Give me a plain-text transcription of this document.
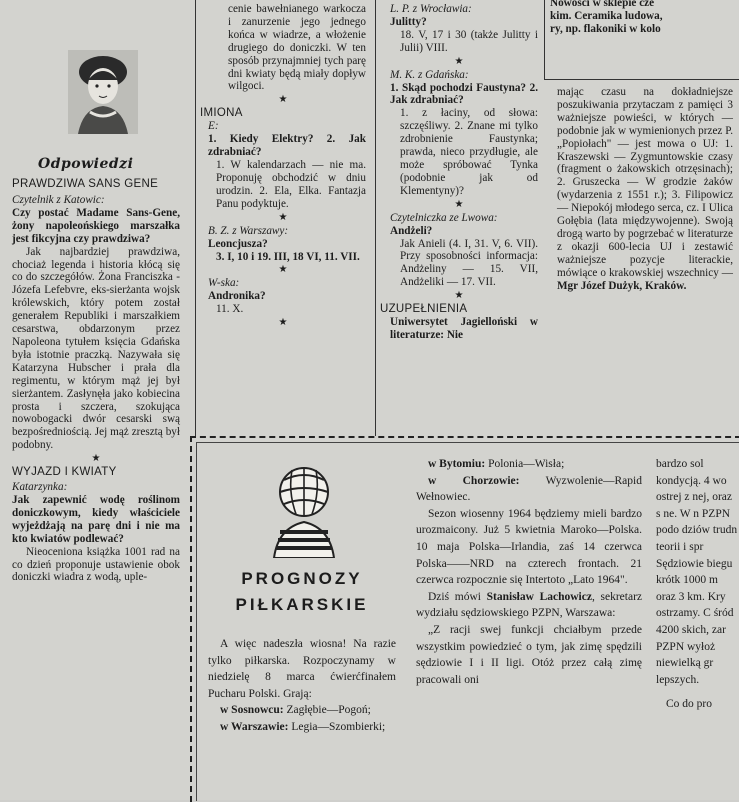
Odpowiedzi

PRAWDZIWA SANS GENE

Czytelnik z Katowic:
Czy postać Madame Sans-Gene, żony napoleońskiego marszałka jest fikcyjna czy prawdziwa?

Jak najbardziej prawdziwa, chociaż legenda i historia kłócą się co do szczegółów. Żona Franciszka - Józefa Lefebvre, eks-sierżanta wojsk królewskich, który potem został generałem Republiki i marszałkiem cesarstwa, obdarzonym przez Napoleona tytułem księcia Gdańska była istotnie praczką. Nazywała się Katarzyna Hubscher i prała dla regimentu, w którym mąż jej był sierżantem. Zasłynęła jako kobiecina prosta i szczera, szokująca nowobogacki dwór cesarski swą bezpośredniością. Jej mąż zresztą był podobny.

★

WYJAZD I KWIATY

Katarzynka:
Jak zapewnić wodę roślinom doniczkowym, kiedy właściciele wyjeżdżają na parę dni i nie ma kto kwiatów podlewać?

Nieoceniona książka 1001 rad na co dzień proponuje ustawienie obok doniczki wiadra z wodą, uple-

cenie bawełnianego warkocza i zanurzenie jego jednego końca w wiadrze, a włożenie drugiego do doniczki. W ten sposób przynajmniej tych parę dni kwiaty będą miały dopływ wilgoci.

★

IMIONA

E:
1. Kiedy Elektry? 2. Jak zdrabniać?

1. W kalendarzach — nie ma. Proponuję obchodzić w dniu urodzin. 2. Ela, Elka. Fantazja Panu podyktuje.

★

B. Z. z Warszawy:
Leoncjusza?

3. I, 10 i 19. III, 18 VI, 11. VII.

★

W-ska:
Andronika?

11. X.

★

L. P. z Wrocławia:
Julitty?

18. V, 17 i 30 (także Julitty i Julii) VIII.

★

M. K. z Gdańska:
1. Skąd pochodzi Faustyna? 2. Jak zdrabniać?

1. z łaciny, od słowa: szczęśliwy. 2. Znane mi tylko zdrobnienie Faustynka; prawda, nieco przydługie, ale może spróbować Tynka (podobnie jak od Klementyny)?

★

Czytelniczka ze Lwowa:
Andżeli?

Jak Anieli (4. I, 31. V, 6. VII). Przy sposobności informacja: Andżeliny — 15. VII, Andżeliki — 17. VII.

★

UZUPEŁNIENIA

Uniwersytet Jagielloński w literaturze: Nie

Nowości w sklepie cze

kim. Ceramika ludowa,

ry, np. flakoniki w kolo

mając czasu na dokładniejsze poszukiwania przytaczam z pamięci 3 ważniejsze powieści, w których — podobnie jak w wymienionych przez P. „Popiołach" — jest mowa o UJ: 1. Kraszewski — Zygmuntowskie czasy (fragment o żakowskich otrzęsinach); 2. Gruszecka — W grodzie żaków (wydarzenia z 1551 r.); 3. Filipowicz — Niepokój młodego serca, cz. I Ulica Gołębia (lata międzywojenne). Swoją drogą warto by pogrzebać w literaturze z okazji 600-lecia UJ i zestawić ważniejsze pozycje literackie, mówiące o krakowskiej wszechnicy — Mgr Józef Dużyk, Kraków.

PROGNOZY
PIŁKARSKIE

A więc nadeszła wiosna! Na razie tylko piłkarska. Rozpoczynamy w niedzielę 8 marca ćwierćfinałem Pucharu Polski. Grają:

w Sosnowcu: Zagłębie—Pogoń;

w Warszawie: Legia—Szombierki;

w Bytomiu: Polonia—Wisła;

w Chorzowie: Wyzwolenie—Rapid Wełnowiec.

Sezon wiosenny 1964 będziemy mieli bardzo urozmaicony. Już 5 kwietnia Maroko—Polska. 10 maja Polska—Irlandia, zaś 14 czerwca Polska——NRD na czterech frontach. 21 czerwca rozpocznie się Intertoto „Lato 1964".

Dziś mówi Stanisław Lachowicz, sekretarz wydziału sędziowskiego PZPN, Warszawa:

„Z racji swej funkcji chciałbym przede wszystkim powiedzieć o tym, jak zimę spędzili sędziowie I i II ligi. Otóż przez całą zimę pracowali oni

bardzo sol kondycją. 4 wo ostrej z nej, oraz s ne. W n PZPN podo dziów trudn teorii i spr Sędziowie biegu krótk 1000 m oraz 3 km. Kry ostrzamy. C śród 4200 skich, zar PZPN wyłoż niewielką gr lepszych.

Co do pro
